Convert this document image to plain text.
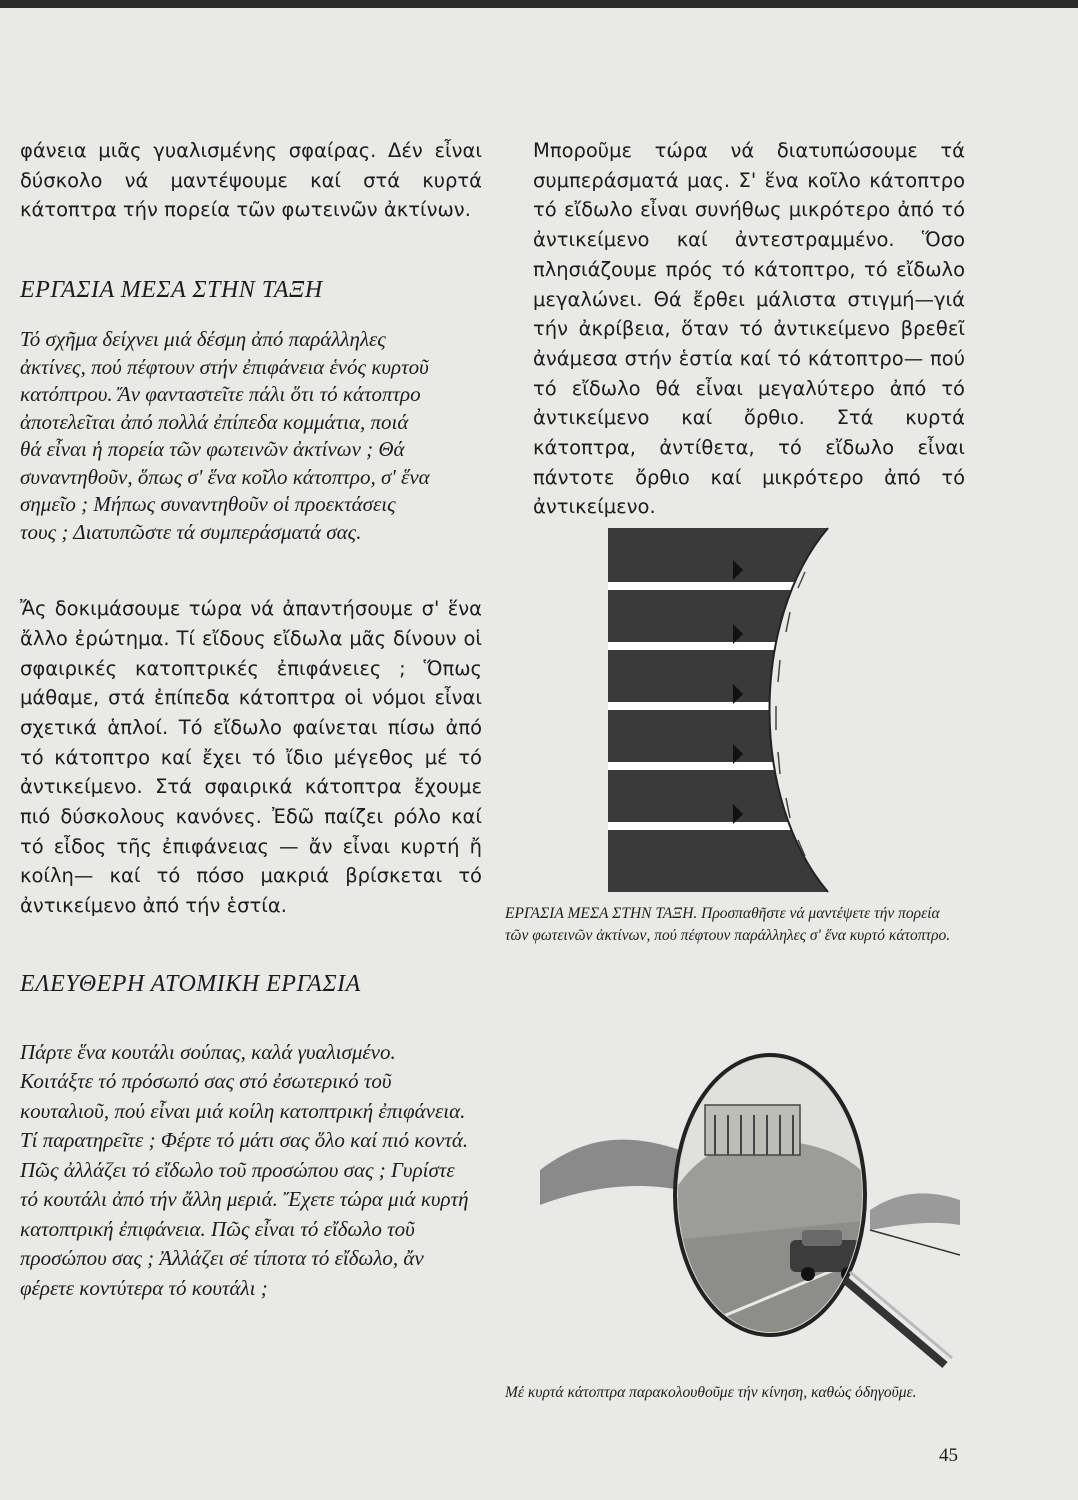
φάνεια μιᾶς γυαλισμένης σφαίρας. Δέν εἶναι δύσκολο νά μαντέψουμε καί στά κυρτά κάτοπτρα τήν πορεία τῶν φωτεινῶν ἀκτίνων.

ΕΡΓΑΣΙΑ ΜΕΣΑ ΣΤΗΝ ΤΑΞΗ

Τό σχῆμα δείχνει μιά δέσμη ἀπό παράλληλες ἀκτίνες, πού πέφτουν στήν ἐπιφάνεια ἑνός κυρτοῦ κατόπτρου. Ἄν φανταστεῖτε πάλι ὅτι τό κάτοπτρο ἀποτελεῖται ἀπό πολλά ἐπίπεδα κομμάτια, ποιά θά εἶναι ἡ πορεία τῶν φωτεινῶν ἀκτίνων ; Θά συναντηθοῦν, ὅπως σ' ἕνα κοῖλο κάτοπτρο, σ' ἕνα σημεῖο ; Μήπως συναντηθοῦν οἱ προεκτάσεις τους ; Διατυπῶστε τά συμπεράσματά σας.

Ἄς δοκιμάσουμε τώρα νά ἀπαντήσουμε σ' ἕνα ἄλλο ἐρώτημα. Τί εἴδους εἴδωλα μᾶς δίνουν οἱ σφαιρικές κατοπτρικές ἐπιφάνειες ; Ὅπως μάθαμε, στά ἐπίπεδα κάτοπτρα οἱ νόμοι εἶναι σχετικά ἁπλοί. Τό εἴδωλο φαίνεται πίσω ἀπό τό κάτοπτρο καί ἔχει τό ἴδιο μέγεθος μέ τό ἀντικείμενο. Στά σφαιρικά κάτοπτρα ἔχουμε πιό δύσκολους κανόνες. Ἐδῶ παίζει ρόλο καί τό εἶδος τῆς ἐπιφάνειας — ἄν εἶναι κυρτή ἤ κοίλη— καί τό πόσο μακριά βρίσκεται τό ἀντικείμενο ἀπό τήν ἑστία.

ΕΛΕΥΘΕΡΗ ΑΤΟΜΙΚΗ ΕΡΓΑΣΙΑ

Πάρτε ἕνα κουτάλι σούπας, καλά γυαλισμένο. Κοιτάξτε τό πρόσωπό σας στό ἐσωτερικό τοῦ κουταλιοῦ, πού εἶναι μιά κοίλη κατοπτρική ἐπιφάνεια. Τί παρατηρεῖτε ; Φέρτε τό μάτι σας ὅλο καί πιό κοντά. Πῶς ἀλλάζει τό εἴδωλο τοῦ προσώπου σας ; Γυρίστε τό κουτάλι ἀπό τήν ἄλλη μεριά. Ἔχετε τώρα μιά κυρτή κατοπτρική ἐπιφάνεια. Πῶς εἶναι τό εἴδωλο τοῦ προσώπου σας ; Ἀλλάζει σέ τίποτα τό εἴδωλο, ἄν φέρετε κοντύτερα τό κουτάλι ;

Μπορoῦμε τώρα νά διατυπώσουμε τά συμπεράσματά μας. Σ' ἕνα κοῖλο κάτοπτρο τό εἴδωλο εἶναι συνήθως μικρότερο ἀπό τό ἀντικείμενο καί ἀντεστραμμένο. Ὅσο πλησιάζουμε πρός τό κάτοπτρο, τό εἴδωλο μεγαλώνει. Θά ἔρθει μάλιστα στιγμή—γιά τήν ἀκρίβεια, ὅταν τό ἀντικείμενο βρεθεῖ ἀνάμεσα στήν ἑστία καί τό κάτοπτρο— πού τό εἴδωλο θά εἶναι μεγαλύτερο ἀπό τό ἀντικείμενο καί ὄρθιο. Στά κυρτά κάτοπτρα, ἀντίθετα, τό εἴδωλο εἶναι πάντοτε ὄρθιο καί μικρότερο ἀπό τό ἀντικείμενο.

ΕΡΓΑΣΙΑ ΜΕΣΑ ΣΤΗΝ ΤΑΞΗ. Προσπαθῆστε νά μαντέψετε τήν πορεία τῶν φωτεινῶν ἀκτίνων, πού πέφτουν παράλληλες σ' ἕνα κυρτό κάτοπτρο.

Μέ κυρτά κάτοπτρα παρακολουθοῦμε τήν κίνηση, καθώς ὁδηγοῦμε.

45
